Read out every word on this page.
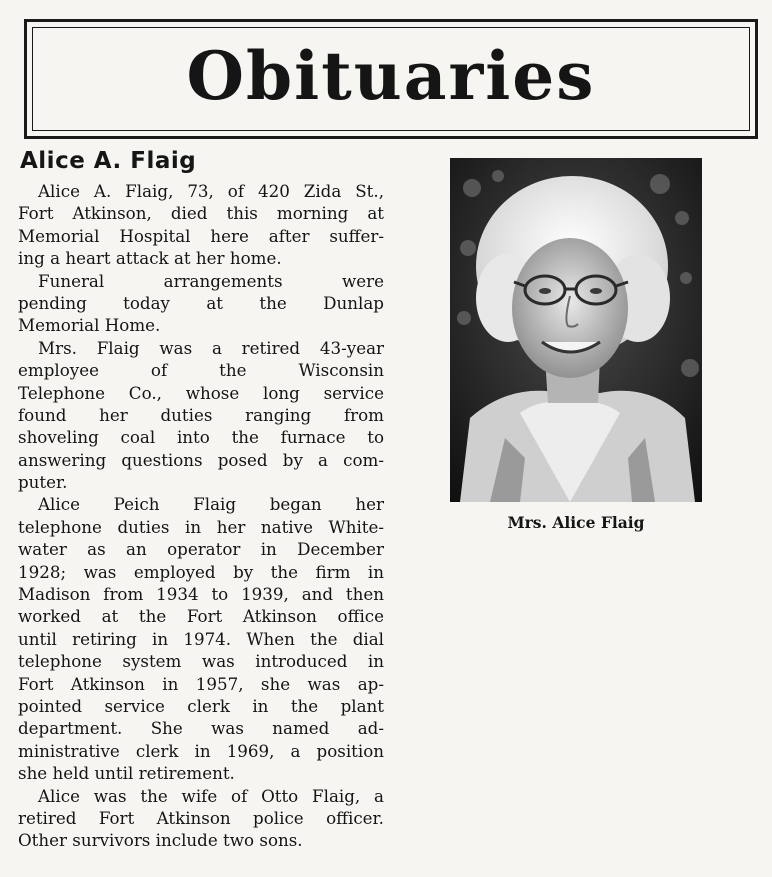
Obituaries
Alice A. Flaig
Alice A. Flaig, 73, of 420 Zida St.,
Fort Atkinson, died this morning at
Memorial Hospital here after suffer-
ing a heart attack at her home.
Funeral arrangements were
pending today at the Dunlap
Memorial Home.
Mrs. Flaig was a retired 43-year
employee of the Wisconsin
Telephone Co., whose long service
found her duties ranging from
shoveling coal into the furnace to
answering questions posed by a com-
puter.
Alice Peich Flaig began her
telephone duties in her native White-
water as an operator in December
1928; was employed by the firm in
Madison from 1934 to 1939, and then
worked at the Fort Atkinson office
until retiring in 1974. When the dial
telephone system was introduced in
Fort Atkinson in 1957, she was ap-
pointed service clerk in the plant
department. She was named ad-
ministrative clerk in 1969, a position
she held until retirement.
Alice was the wife of Otto Flaig, a
retired Fort Atkinson police officer.
Other survivors include two sons.
Mrs. Alice Flaig
